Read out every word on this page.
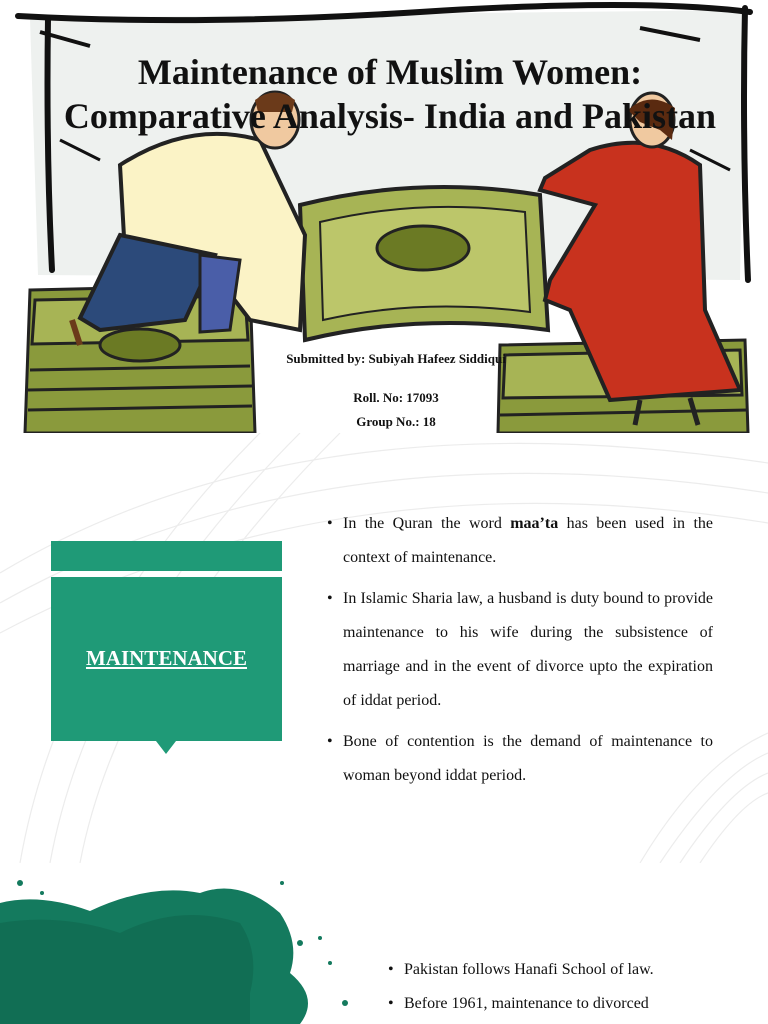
Maintenance of Muslim Women: Comparative Analysis- India and Pakistan
Submitted by: Subiyah Hafeez Siddiqui
Roll. No: 17093
Group No.: 18
MAINTENANCE
• In the Quran the word maa’ta has been used in the context of maintenance.
• In Islamic Sharia law, a husband is duty bound to provide maintenance to his wife during the subsistence of marriage and in the event of divorce upto the expiration of iddat period.
• Bone of contention is the demand of maintenance to woman beyond iddat period.
• Pakistan follows Hanafi School of law.
• Before 1961, maintenance to divorced
